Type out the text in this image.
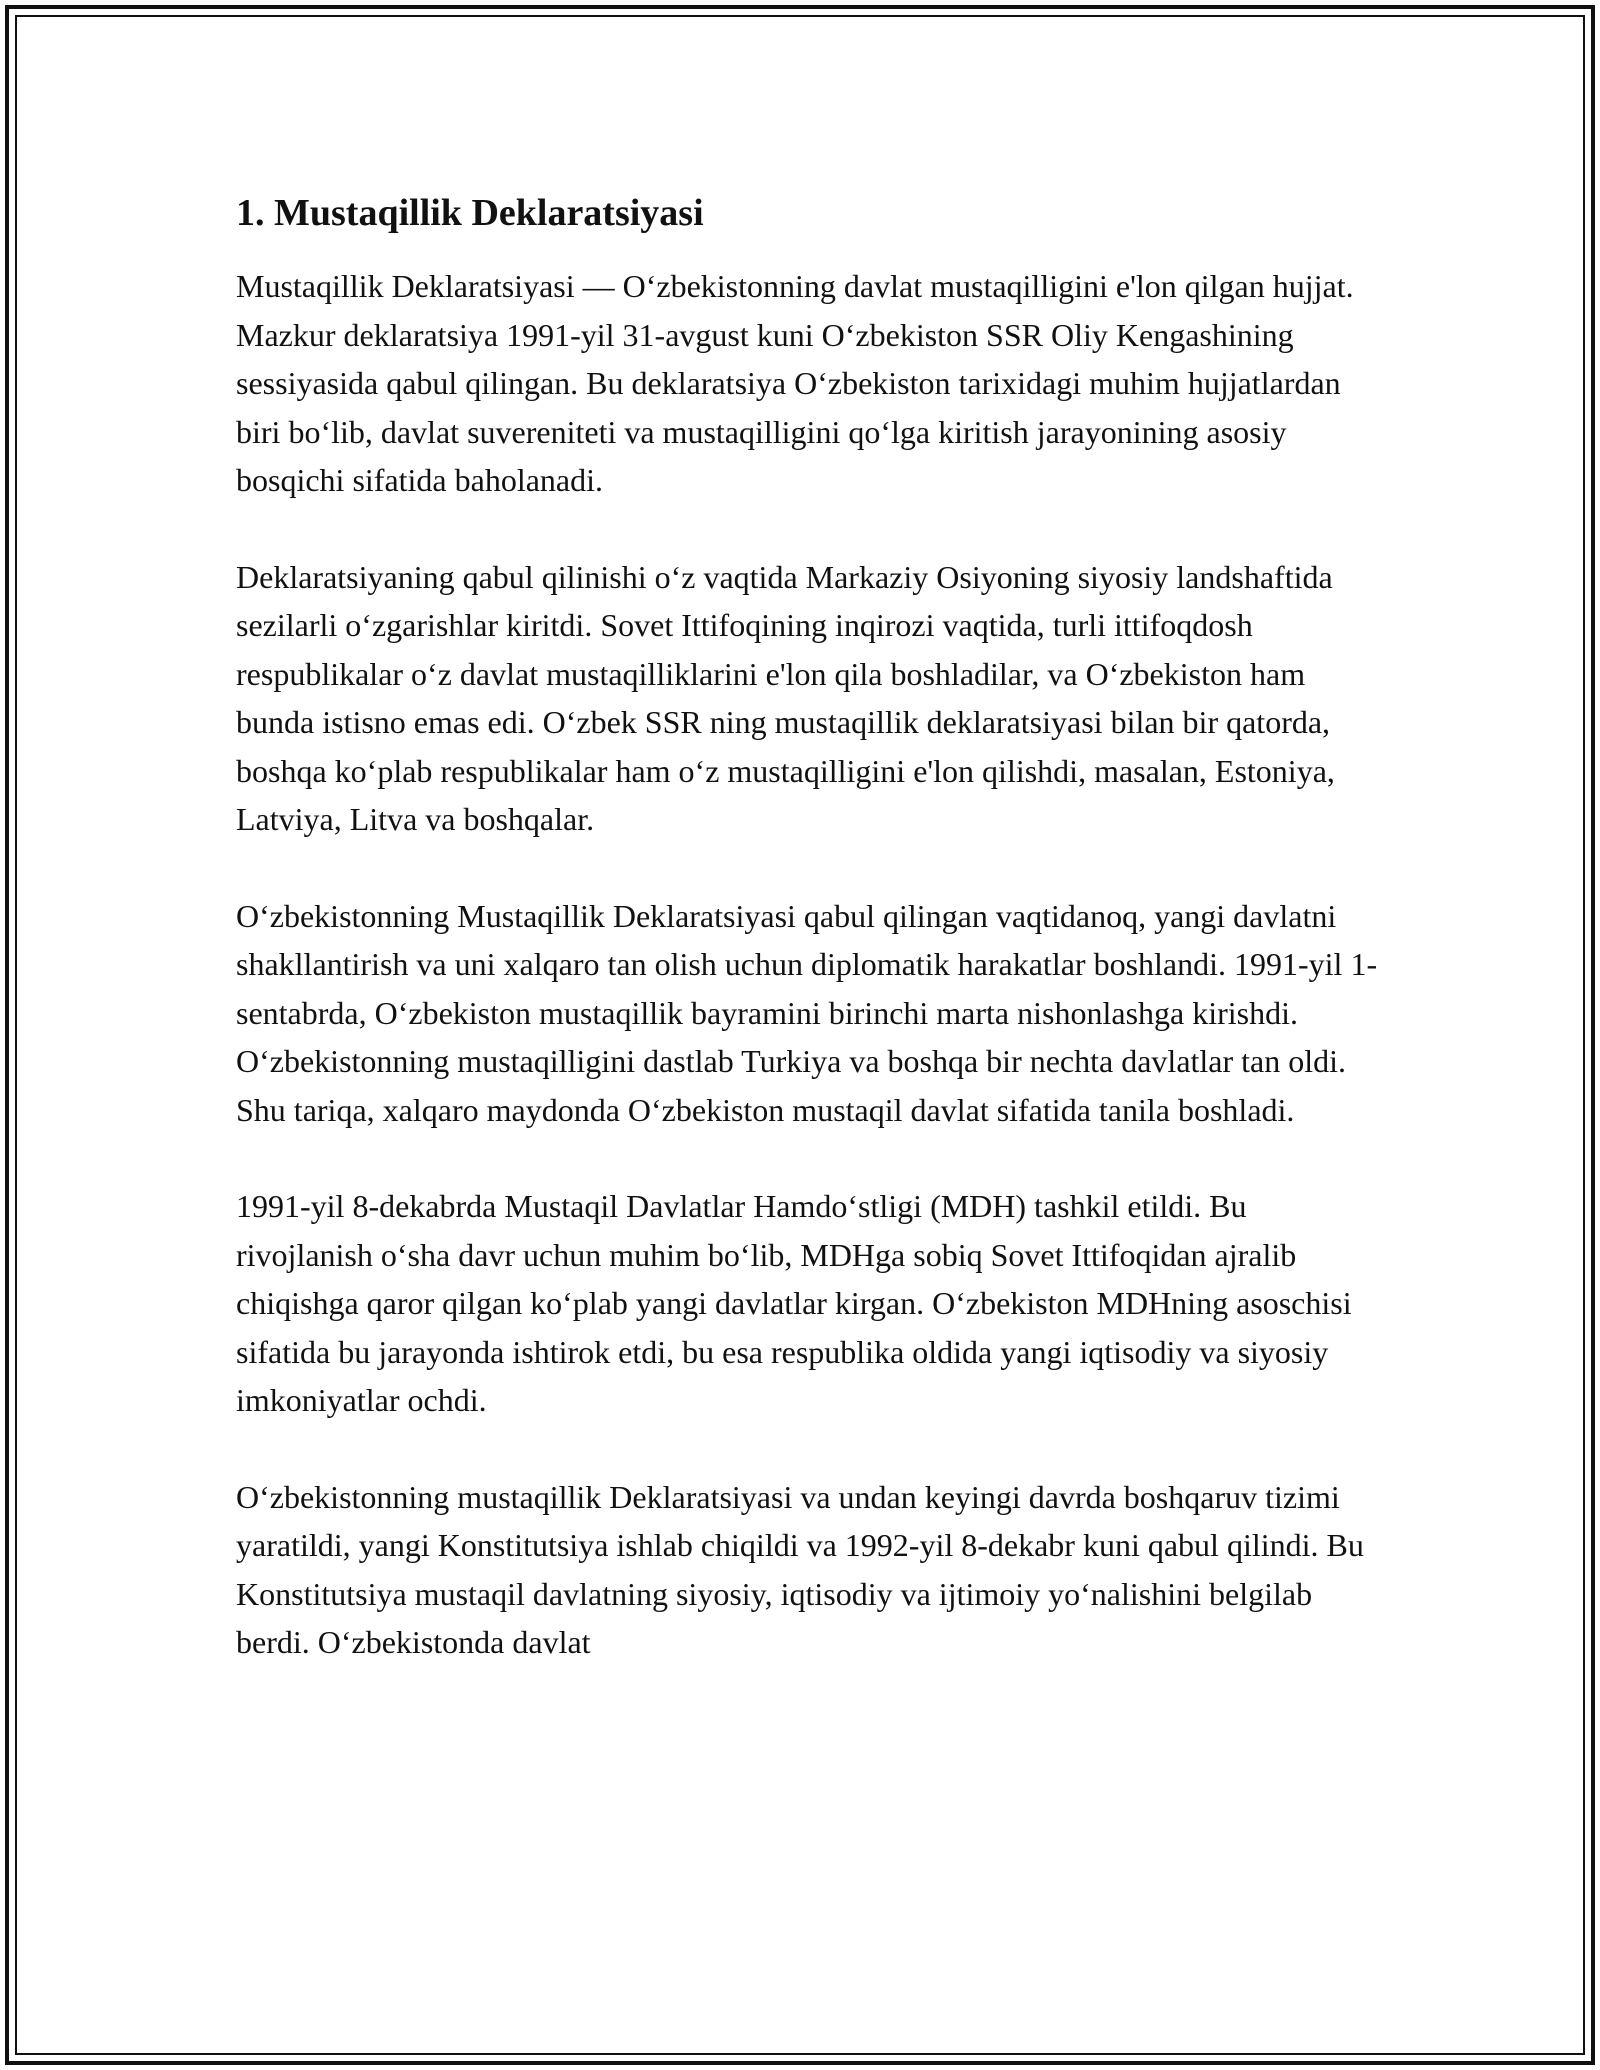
1. Mustaqillik Deklaratsiyasi

Mustaqillik Deklaratsiyasi — O‘zbekistonning davlat mustaqilligini e'lon qilgan hujjat. Mazkur deklaratsiya 1991-yil 31-avgust kuni O‘zbekiston SSR Oliy Kengashining sessiyasida qabul qilingan. Bu deklaratsiya O‘zbekiston tarixidagi muhim hujjatlardan biri bo‘lib, davlat suvereniteti va mustaqilligini qo‘lga kiritish jarayonining asosiy bosqichi sifatida baholanadi.

Deklaratsiyaning qabul qilinishi o‘z vaqtida Markaziy Osiyoning siyosiy landshaftida sezilarli o‘zgarishlar kiritdi. Sovet Ittifoqining inqirozi vaqtida, turli ittifoqdosh respublikalar o‘z davlat mustaqilliklarini e'lon qila boshladilar, va O‘zbekiston ham bunda istisno emas edi. O‘zbek SSR ning mustaqillik deklaratsiyasi bilan bir qatorda, boshqa ko‘plab respublikalar ham o‘z mustaqilligini e'lon qilishdi, masalan, Estoniya, Latviya, Litva va boshqalar.

O‘zbekistonning Mustaqillik Deklaratsiyasi qabul qilingan vaqtidanoq, yangi davlatni shakllantirish va uni xalqaro tan olish uchun diplomatik harakatlar boshlandi. 1991-yil 1-sentabrda, O‘zbekiston mustaqillik bayramini birinchi marta nishonlashga kirishdi. O‘zbekistonning mustaqilligini dastlab Turkiya va boshqa bir nechta davlatlar tan oldi. Shu tariqa, xalqaro maydonda O‘zbekiston mustaqil davlat sifatida tanila boshladi.

1991-yil 8-dekabrda Mustaqil Davlatlar Hamdo‘stligi (MDH) tashkil etildi. Bu rivojlanish o‘sha davr uchun muhim bo‘lib, MDHga sobiq Sovet Ittifoqidan ajralib chiqishga qaror qilgan ko‘plab yangi davlatlar kirgan. O‘zbekiston MDHning asoschisi sifatida bu jarayonda ishtirok etdi, bu esa respublika oldida yangi iqtisodiy va siyosiy imkoniyatlar ochdi.

O‘zbekistonning mustaqillik Deklaratsiyasi va undan keyingi davrda boshqaruv tizimi yaratildi, yangi Konstitutsiya ishlab chiqildi va 1992-yil 8-dekabr kuni qabul qilindi. Bu Konstitutsiya mustaqil davlatning siyosiy, iqtisodiy va ijtimoiy yo‘nalishini belgilab berdi. O‘zbekistonda davlat
